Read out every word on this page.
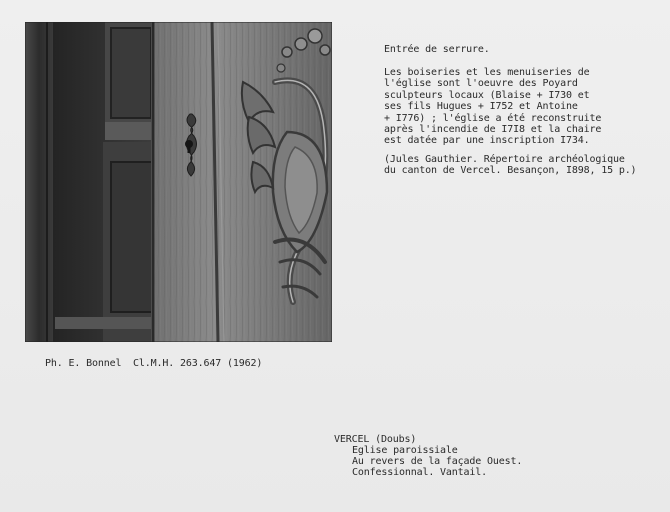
Entrée de serrure.
Les boiseries et les menuiseries de
l'église sont l'oeuvre des Poyard
sculpteurs locaux (Blaise + I730 et
ses fils Hugues + I752 et Antoine
+ I776) ; l'église a été reconstruite
après l'incendie de I7I8 et la chaire
est datée par une inscription I734.
(Jules Gauthier. Répertoire archéologique
du canton de Vercel. Besançon, I898, 15 p.)
Ph. E. Bonnel  Cl.M.H. 263.647 (1962)
VERCEL (Doubs)
Eglise paroissiale
Au revers de la façade Ouest.
Confessionnal. Vantail.
